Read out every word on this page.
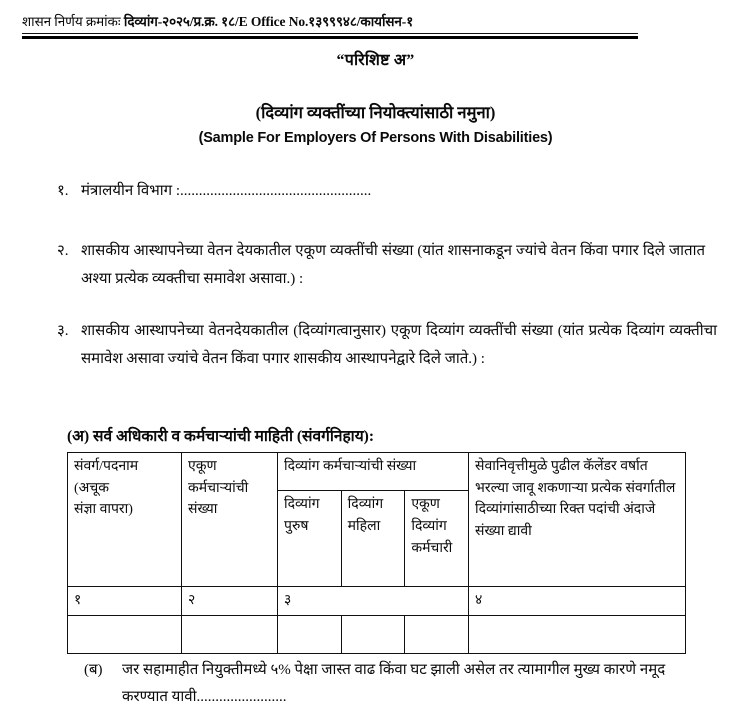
शासन निर्णय क्रमांकः दिव्यांग-२०२५/प्र.क्र. १८/E Office No.१३९९९४८/कार्यासन-१
“परिशिष्ट अ”
(दिव्यांग व्यक्तींच्या नियोक्त्यांसाठी नमुना)
(Sample For Employers Of Persons With Disabilities)
१. मंत्रालयीन विभाग :...................................................
२. शासकीय आस्थापनेच्या वेतन देयकातील एकूण व्यक्तींची संख्या (यांत शासनाकडून ज्यांचे वेतन किंवा पगार दिले जातात अश्या प्रत्येक व्यक्तीचा समावेश असावा.) :
३. शासकीय आस्थापनेच्या वेतनदेयकातील (दिव्यांगत्वानुसार) एकूण दिव्यांग व्यक्तींची संख्या (यांत प्रत्येक दिव्यांग व्यक्तीचा समावेश असावा ज्यांचे वेतन किंवा पगार शासकीय आस्थापनेद्वारे दिले जाते.) :
(अ) सर्व अधिकारी व कर्मचाऱ्यांची माहिती (संवर्गनिहाय):
संवर्ग/पदनाम
(अचूक
संज्ञा वापरा)	एकूण कर्मचाऱ्यांची संख्या	दिव्यांग कर्मचाऱ्यांची संख्या			सेवानिवृत्तीमुळे पुढील कॅलेंडर वर्षात भरल्या जावू शकणाऱ्या प्रत्येक संवर्गातील दिव्यांगांसाठीच्या रिक्त पदांची अंदाजे संख्या द्यावी
		दिव्यांग पुरुष	दिव्यांग महिला	एकूण दिव्यांग कर्मचारी	
१	२	३			४

(ब)	जर सहामाहीत नियुक्तीमध्ये ५% पेक्षा जास्त वाढ किंवा घट झाली असेल तर त्यामागील मुख्य कारणे नमूद करण्यात यावी........................
